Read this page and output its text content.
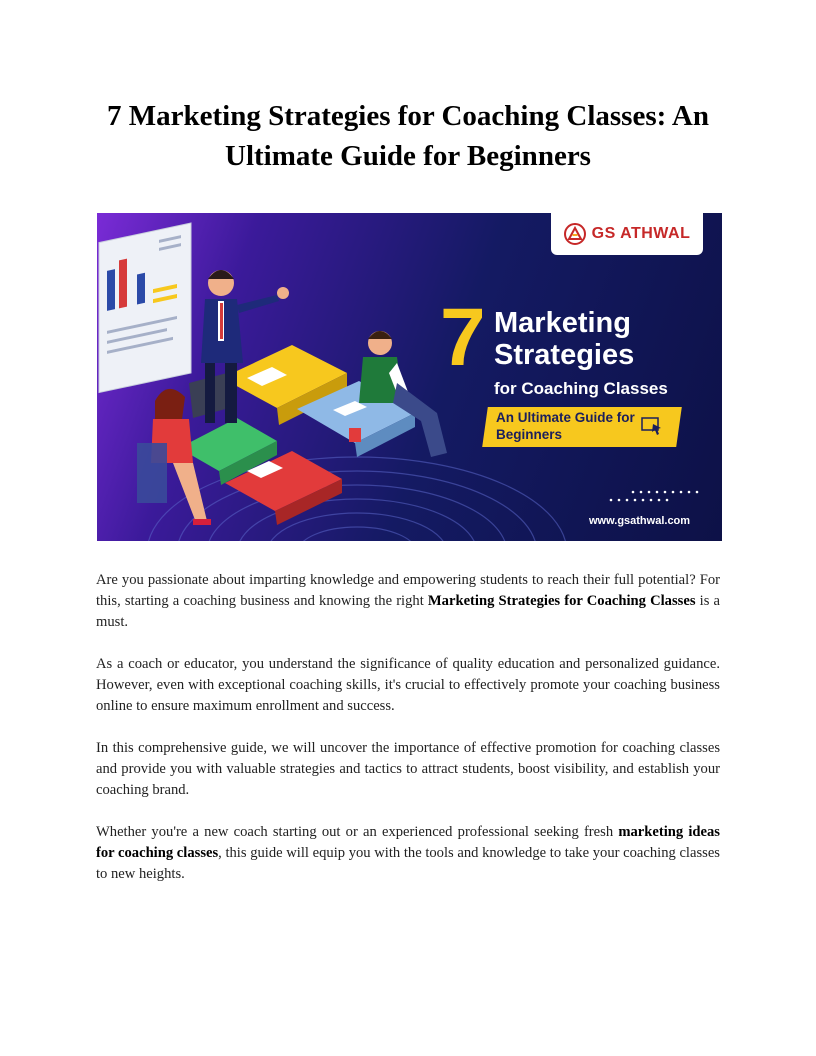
7 Marketing Strategies for Coaching Classes: An Ultimate Guide for Beginners
GS ATHWAL
7 Marketing
Strategies
for Coaching Classes
An Ultimate Guide for Beginners
www.gsathwal.com

Are you passionate about imparting knowledge and empowering students to reach their full potential? For this, starting a coaching business and knowing the right Marketing Strategies for Coaching Classes is a must.

As a coach or educator, you understand the significance of quality education and personalized guidance. However, even with exceptional coaching skills, it's crucial to effectively promote your coaching business online to ensure maximum enrollment and success.

In this comprehensive guide, we will uncover the importance of effective promotion for coaching classes and provide you with valuable strategies and tactics to attract students, boost visibility, and establish your coaching brand.

Whether you're a new coach starting out or an experienced professional seeking fresh marketing ideas for coaching classes, this guide will equip you with the tools and knowledge to take your coaching classes to new heights.
